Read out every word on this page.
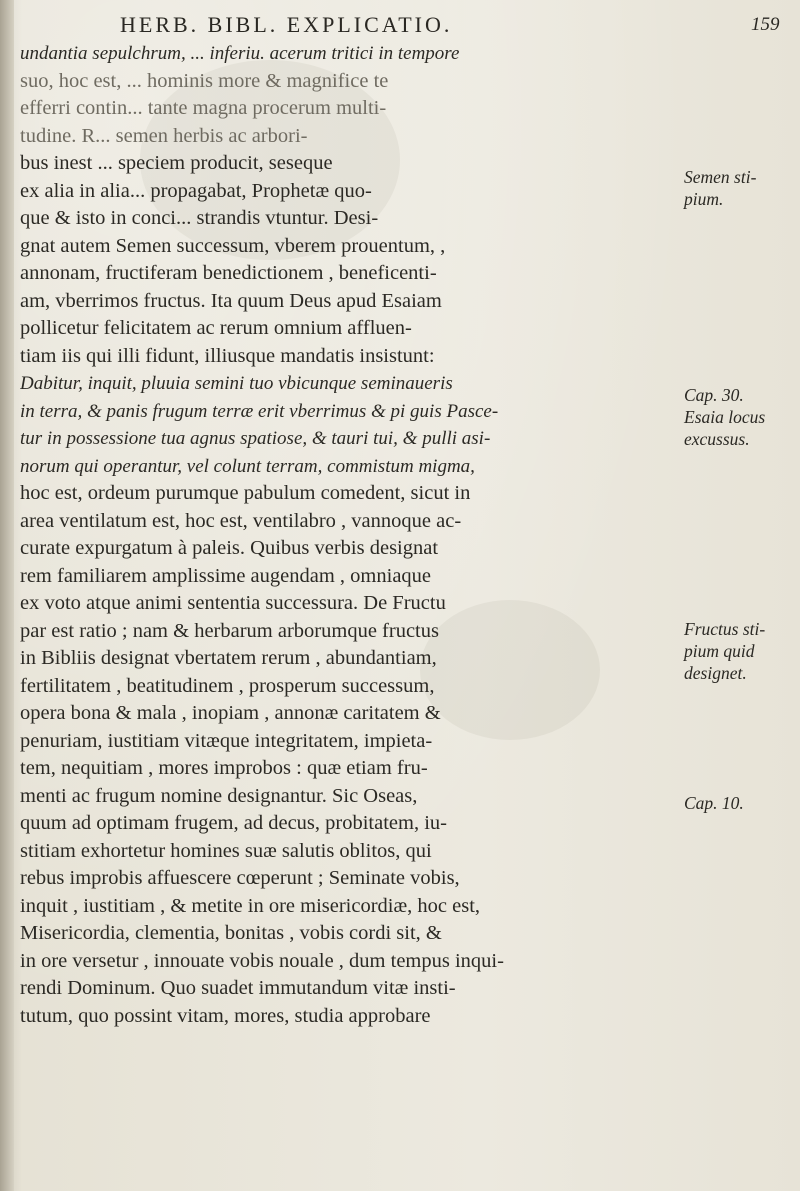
HERB. BIBL. EXPLICATIO.	159
undantia sepulchrum, ... inferiu. acerum tritici in tempore
suo, hoc est, ... hominis more & magnifice te
efferri contin... tante magna procerum multi-
tudine. R... semen herbis ac arbori-
bus inest ... speciem producit, seseque
ex alia in alia... propagabat, Prophetæ quo-
que & isto in conci... strandis vtuntur. Desi-
gnat autem Semen successum, vberem prouentum, ,
annonam, fructiferam benedictionem , beneficenti-
am, vberrimos fructus. Ita quum Deus apud Esaiam
pollicetur felicitatem ac rerum omnium affluen-
tiam iis qui illi fidunt, illiusque mandatis insistunt:
Dabitur, inquit, pluuia semini tuo vbicunque seminaueris
in terra, & panis frugum terræ erit vberrimus & pi guis Pasce-
tur in possessione tua agnus spatiose, & tauri tui, & pulli asi-
norum qui operantur, vel colunt terram, commistum migma,
hoc est, ordeum purumque pabulum comedent, sicut in
area ventilatum est, hoc est, ventilabro , vannoque ac-
curate expurgatum à paleis. Quibus verbis designat
rem familiarem amplissime augendam , omniaque
ex voto atque animi sententia successura. De Fructu
par est ratio ; nam & herbarum arborumque fructus
in Bibliis designat vbertatem rerum , abundantiam,
fertilitatem , beatitudinem , prosperum successum,
opera bona & mala , inopiam , annonæ caritatem &
penuriam, iustitiam vitæque integritatem, impieta-
tem, nequitiam , mores improbos : quæ etiam fru-
menti ac frugum nomine designantur. Sic Oseas,
quum ad optimam frugem, ad decus, probitatem, iu-
stitiam exhortetur homines suæ salutis oblitos, qui
rebus improbis affuescere cœperunt ; Seminate vobis,
inquit , iustitiam , & metite in ore misericordiæ, hoc est,
Misericordia, clementia, bonitas , vobis cordi sit, &
in ore versetur , innouate vobis nouale , dum tempus inqui-
rendi Dominum. Quo suadet immutandum vitæ insti-
tutum, quo possint vitam, mores, studia approbare
Semen sti-
pium.
Cap. 30.
Esaia locus
excussus.
Fructus sti-
pium quid
designet.
Cap. 10.
